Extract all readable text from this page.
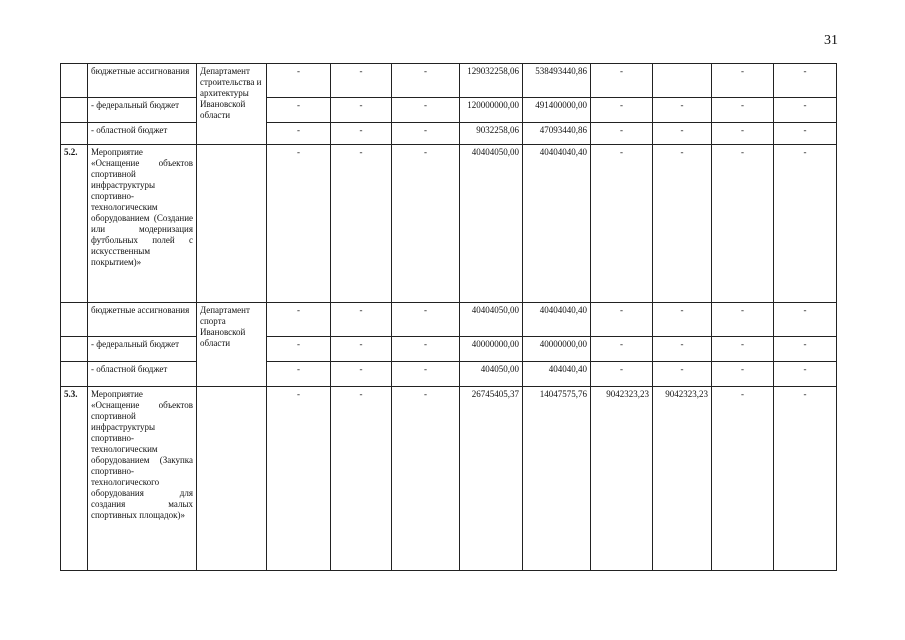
31
	бюджетные ассигнования	Департамент строительства и архитектуры Ивановской области	-	-	-	129032258,06	538493440,86	-		-	-
	- федеральный бюджет		-	-	-	120000000,00	491400000,00	-	-	-	-
	- областной бюджет		-	-	-	9032258,06	47093440,86	-	-	-	-
5.2.	Мероприятие «Оснащение объектов спортивной инфраструктуры спортивно-технологическим оборудованием (Создание или модернизация футбольных полей с искусственным покрытием)»		-	-	-	40404050,00	40404040,40	-	-	-	-
	бюджетные ассигнования	Департамент спорта Ивановской области	-	-	-	40404050,00	40404040,40	-	-	-	-
	- федеральный бюджет		-	-	-	40000000,00	40000000,00	-	-	-	-
	- областной бюджет		-	-	-	404050,00	404040,40	-	-	-	-
5.3.	Мероприятие «Оснащение объектов спортивной инфраструктуры спортивно-технологическим оборудованием (Закупка спортивно-технологического оборудования для создания малых спортивных площадок)»		-	-	-	26745405,37	14047575,76	9042323,23	9042323,23	-	-
